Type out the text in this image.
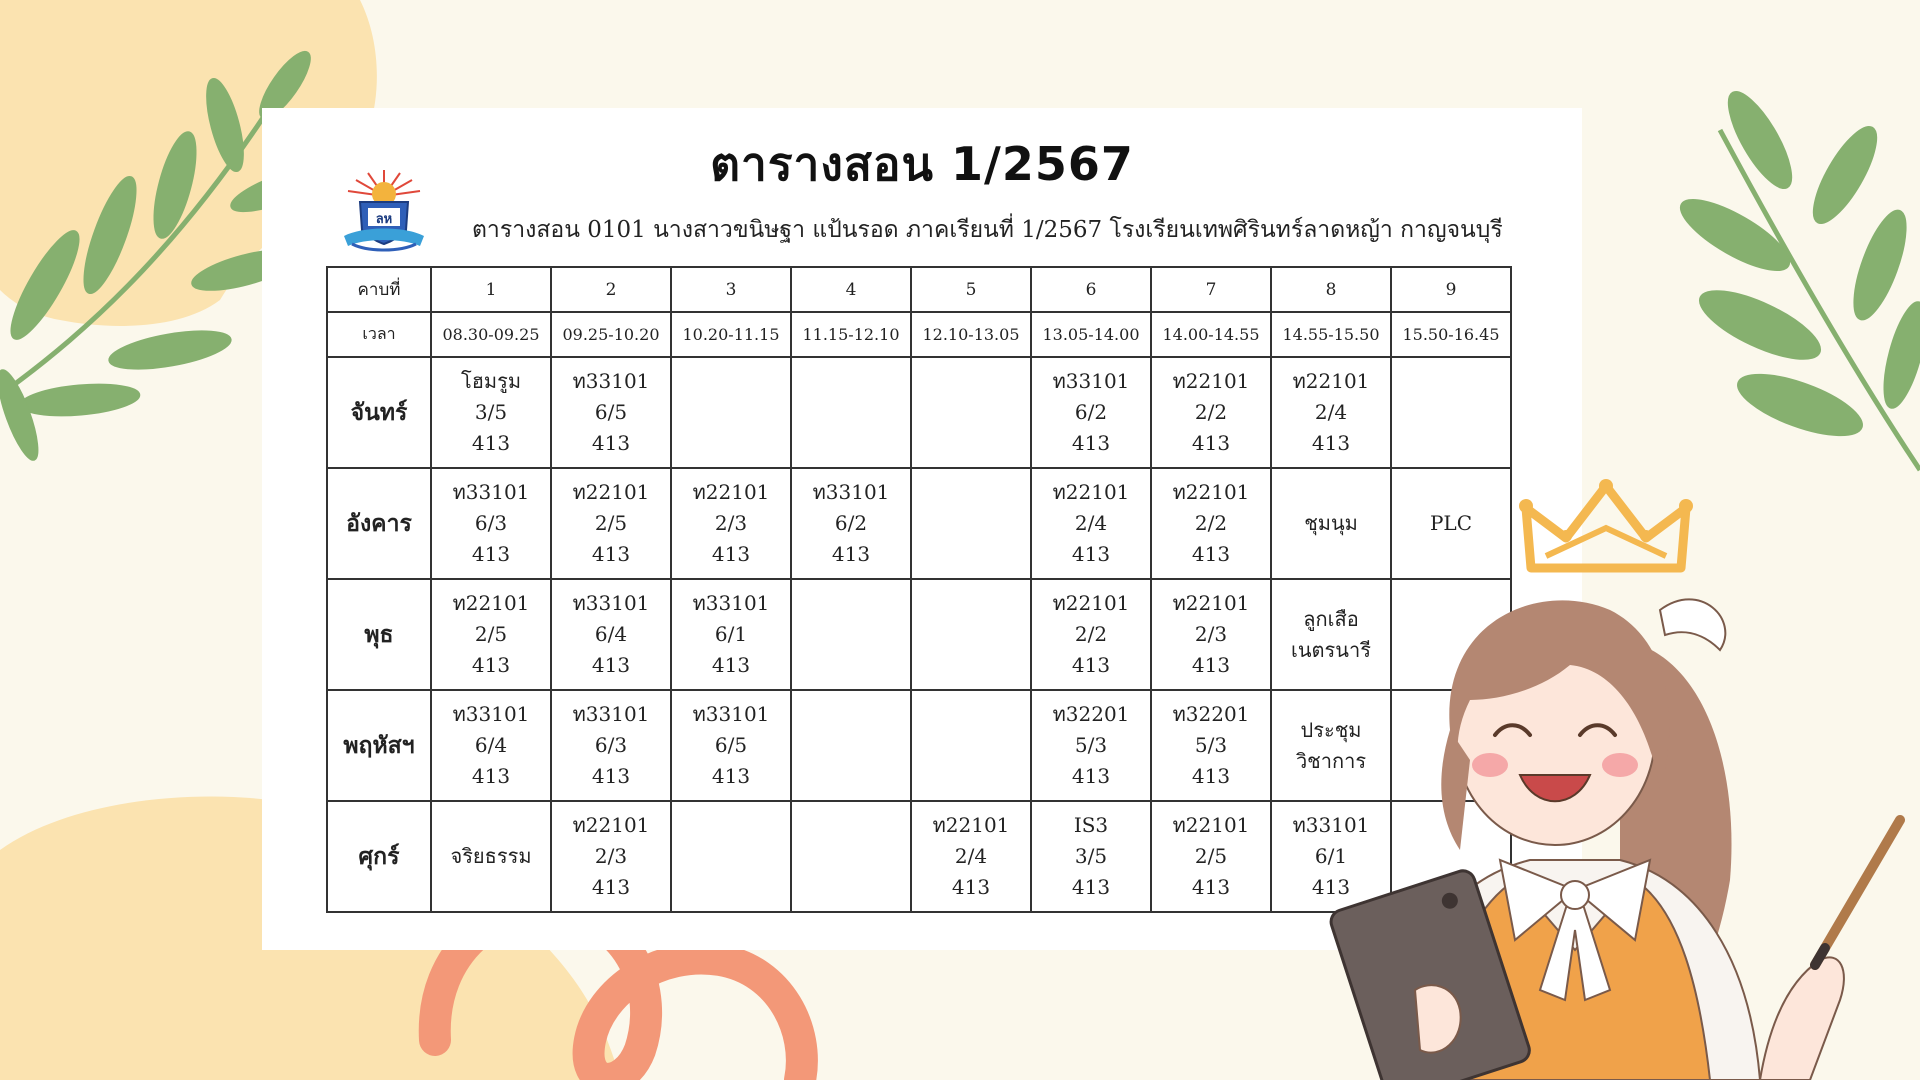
ตารางสอน 1/2567
ลห	ตารางสอน 0101 นางสาวขนิษฐา แป้นรอด ภาคเรียนที่ 1/2567 โรงเรียนเทพศิรินทร์ลาดหญ้า กาญจนบุรี
คาบที่	1	2	3	4	5	6	7	8	9
เวลา	08.30-09.25	09.25-10.20	10.20-11.15	11.15-12.10	12.10-13.05	13.05-14.00	14.00-14.55	14.55-15.50	15.50-16.45
จันทร์	โฮมรูม
3/5
413	ท33101
6/5
413				ท33101
6/2
413	ท22101
2/2
413	ท22101
2/4
413	

อังคาร	ท33101
6/3
413	ท22101
2/5
413	ท22101
2/3
413	ท33101
6/2
413		ท22101
2/4
413	ท22101
2/2
413	ชุมนุม	PLC

พุธ	ท22101
2/5
413	ท33101
6/4
413	ท33101
6/1
413			ท22101
2/2
413	ท22101
2/3
413	ลูกเสือ
เนตรนารี	

พฤหัสฯ	ท33101
6/4
413	ท33101
6/3
413	ท33101
6/5
413			ท32201
5/3
413	ท32201
5/3
413	ประชุม
วิชาการ	

ศุกร์	จริยธรรม	ท22101
2/3
413			ท22101
2/4
413	IS3
3/5
413	ท22101
2/5
413	ท33101
6/1
413	
